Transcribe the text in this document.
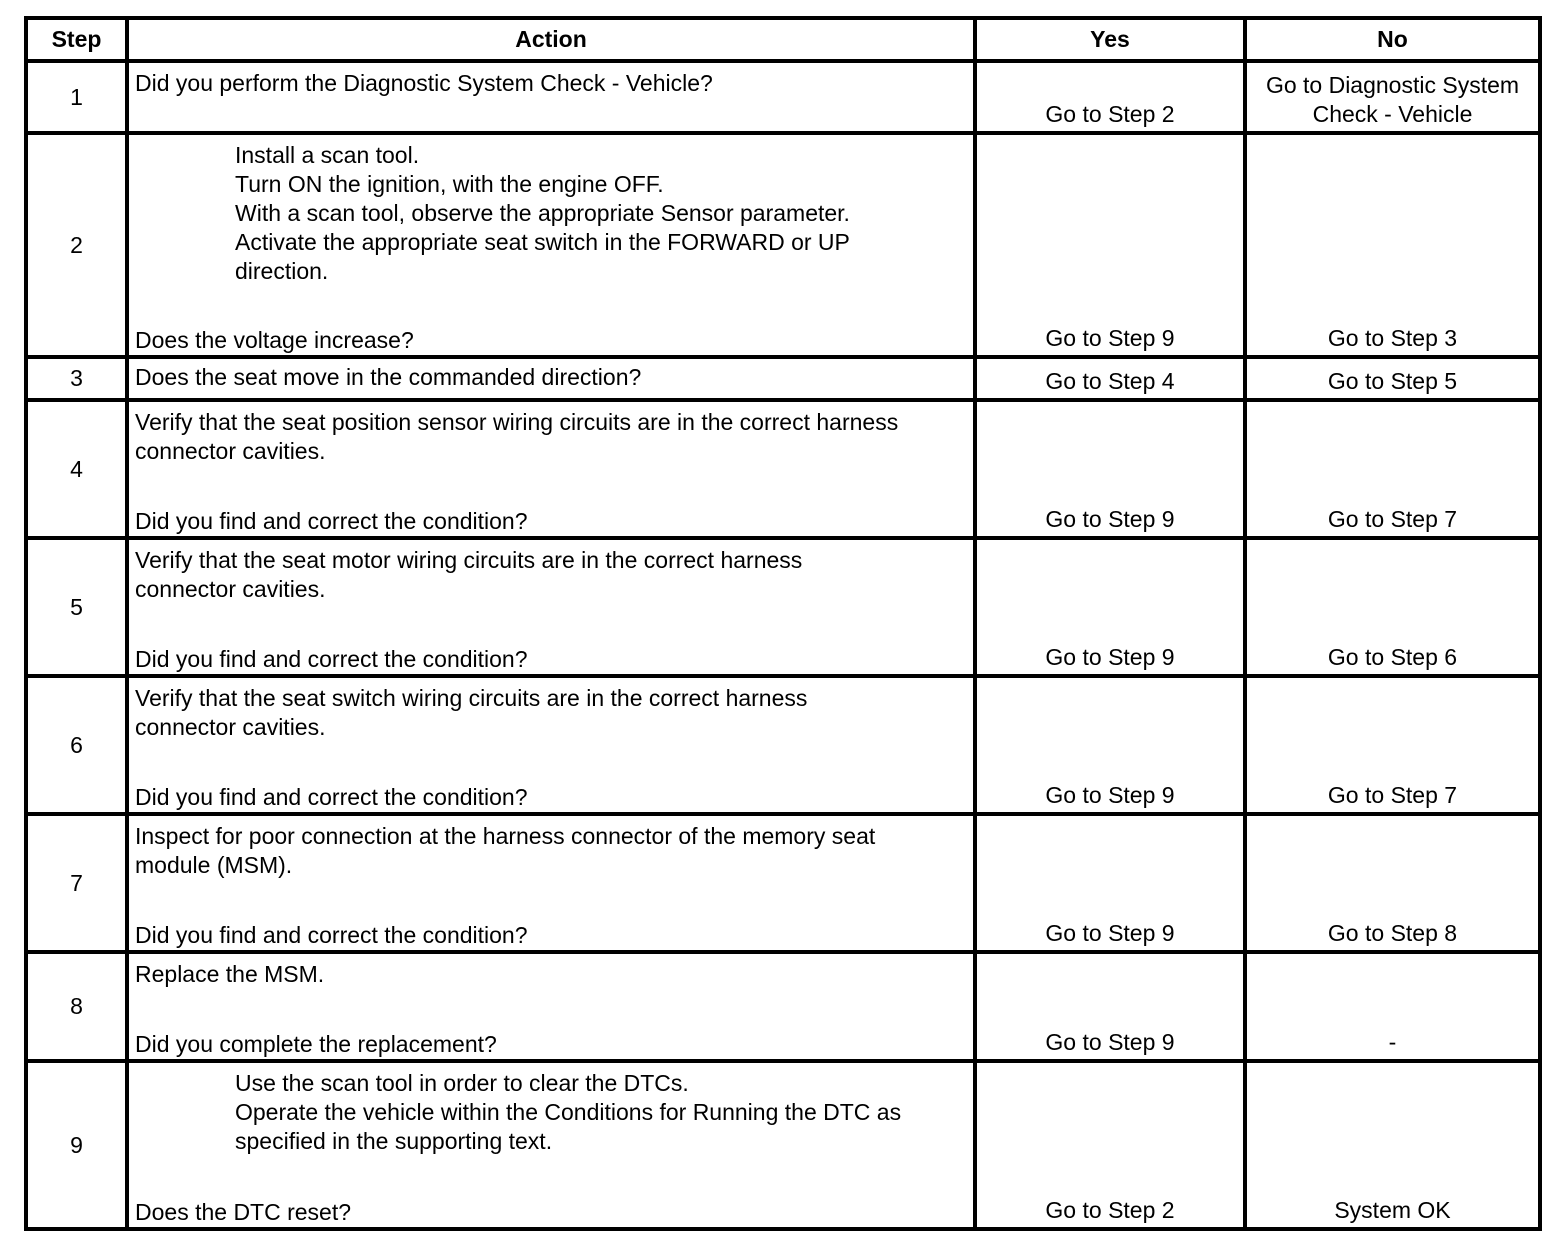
Step	Action	Yes	No
1	Did you perform the Diagnostic System Check - Vehicle?	Go to Step 2	Go to Diagnostic System
Check - Vehicle

2	Install a scan tool.
Turn ON the ignition, with the engine OFF.
With a scan tool, observe the appropriate Sensor parameter.
Activate the appropriate seat switch in the FORWARD or UP direction.
Does the voltage increase?	Go to Step 9	Go to Step 3
3	Does the seat move in the commanded direction?	Go to Step 4	Go to Step 5
4	Verify that the seat position sensor wiring circuits are in the correct harness connector cavities.
Did you find and correct the condition?	Go to Step 9	Go to Step 7
5	Verify that the seat motor wiring circuits are in the correct harness connector cavities.
Did you find and correct the condition?	Go to Step 9	Go to Step 6
6	Verify that the seat switch wiring circuits are in the correct harness connector cavities.
Did you find and correct the condition?	Go to Step 9	Go to Step 7
7	Inspect for poor connection at the harness connector of the memory seat module (MSM).
Did you find and correct the condition?	Go to Step 9	Go to Step 8
8	Replace the MSM.
Did you complete the replacement?	Go to Step 9	-
9	Use the scan tool in order to clear the DTCs.
Operate the vehicle within the Conditions for Running the DTC as specified in the supporting text.
Does the DTC reset?	Go to Step 2	System OK
